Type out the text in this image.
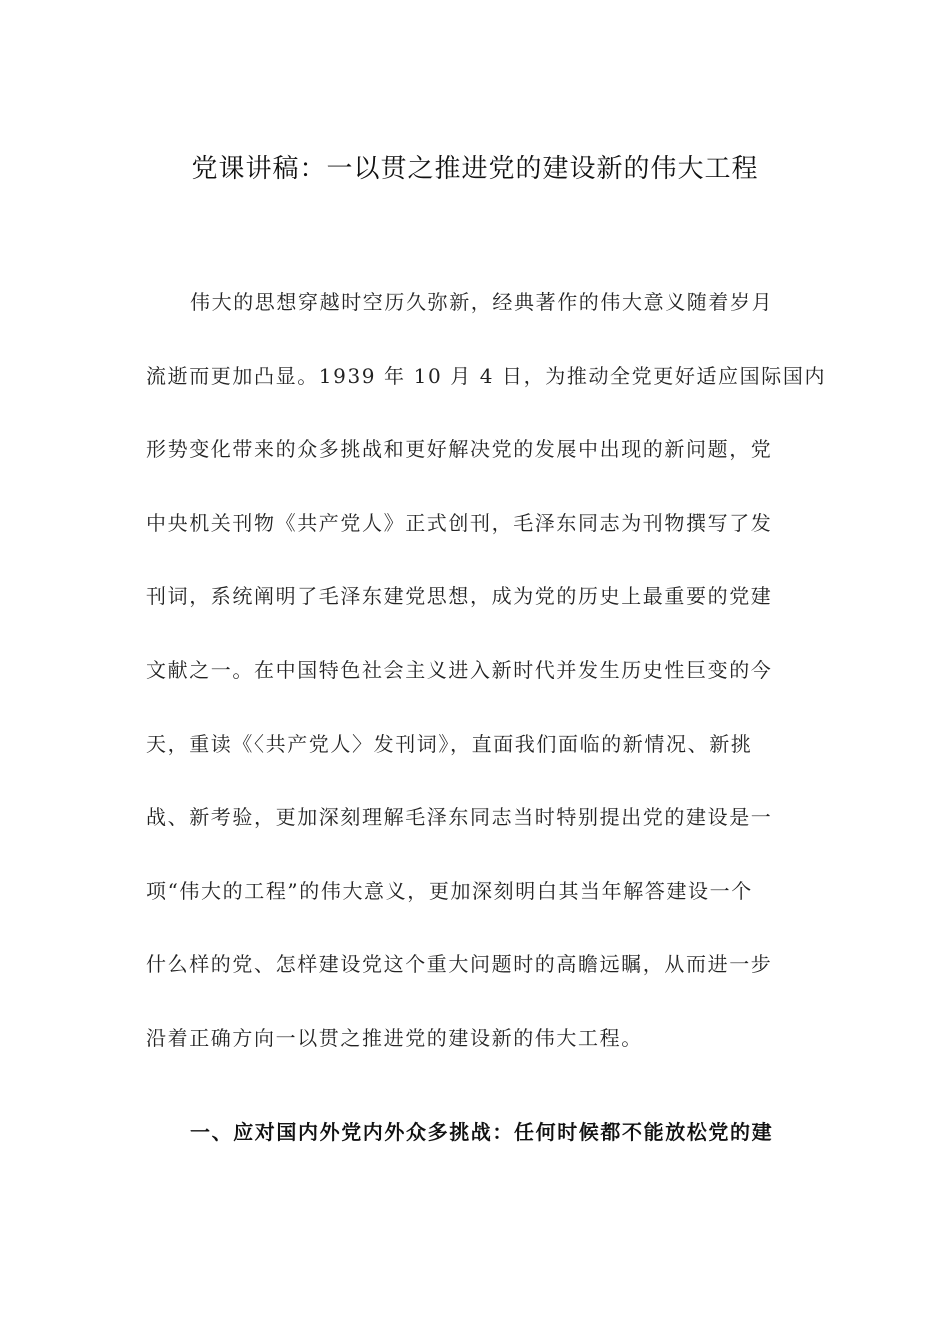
党课讲稿：一以贯之推进党的建设新的伟大工程
伟大的思想穿越时空历久弥新，经典著作的伟大意义随着岁月
流逝而更加凸显。1939 年 10 月 4 日，为推动全党更好适应国际国内
形势变化带来的众多挑战和更好解决党的发展中出现的新问题，党
中央机关刊物《共产党人》正式创刊，毛泽东同志为刊物撰写了发
刊词，系统阐明了毛泽东建党思想，成为党的历史上最重要的党建
文献之一。在中国特色社会主义进入新时代并发生历史性巨变的今
天，重读《〈共产党人〉发刊词》，直面我们面临的新情况、新挑
战、新考验，更加深刻理解毛泽东同志当时特别提出党的建设是一
项“伟大的工程”的伟大意义，更加深刻明白其当年解答建设一个
什么样的党、怎样建设党这个重大问题时的高瞻远瞩，从而进一步
沿着正确方向一以贯之推进党的建设新的伟大工程。
一、应对国内外党内外众多挑战：任何时候都不能放松党的建
